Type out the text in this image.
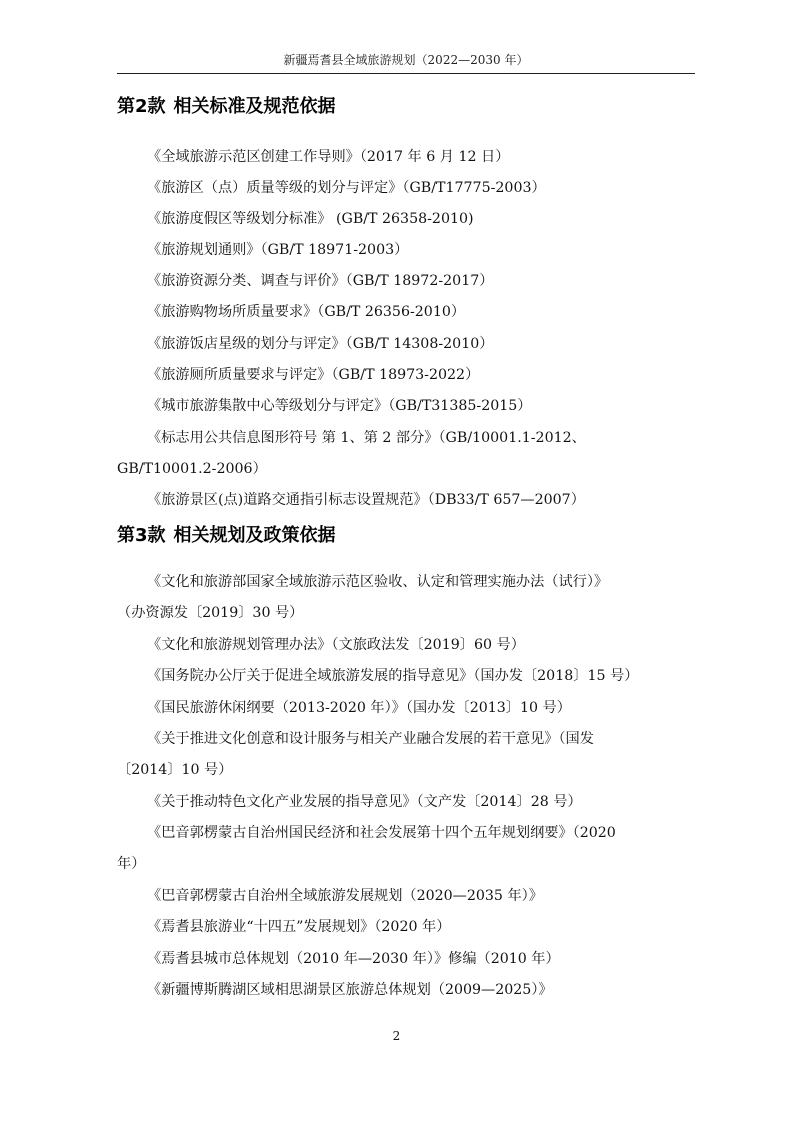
新疆焉耆县全域旅游规划（2022—2030 年）
第2款 相关标准及规范依据
《全域旅游示范区创建工作导则》（2017 年 6 月 12 日）
《旅游区（点）质量等级的划分与评定》（GB/T17775-2003）
《旅游度假区等级划分标准》 (GB/T 26358-2010)
《旅游规划通则》（GB/T 18971-2003）
《旅游资源分类、调查与评价》（GB/T 18972-2017）
《旅游购物场所质量要求》（GB/T 26356-2010）
《旅游饭店星级的划分与评定》（GB/T 14308-2010）
《旅游厕所质量要求与评定》（GB/T 18973-2022）
《城市旅游集散中心等级划分与评定》（GB/T31385-2015）
《标志用公共信息图形符号 第 1、第 2 部分》（GB/10001.1-2012、
GB/T10001.2-2006）
《旅游景区(点)道路交通指引标志设置规范》（DB33/T 657—2007）
第3款 相关规划及政策依据
《文化和旅游部国家全域旅游示范区验收、认定和管理实施办法（试行）》
（办资源发〔2019〕30 号）
《文化和旅游规划管理办法》（文旅政法发〔2019〕60 号）
《国务院办公厅关于促进全域旅游发展的指导意见》（国办发〔2018〕15 号）
《国民旅游休闲纲要（2013-2020 年）》（国办发〔2013〕10 号）
《关于推进文化创意和设计服务与相关产业融合发展的若干意见》（国发
〔2014〕10 号）
《关于推动特色文化产业发展的指导意见》（文产发〔2014〕28 号）
《巴音郭楞蒙古自治州国民经济和社会发展第十四个五年规划纲要》（2020
年）
《巴音郭楞蒙古自治州全域旅游发展规划（2020—2035 年）》
《焉耆县旅游业“十四五”发展规划》（2020 年）
《焉耆县城市总体规划（2010 年—2030 年）》修编（2010 年）
《新疆博斯腾湖区域相思湖景区旅游总体规划（2009—2025）》
2
